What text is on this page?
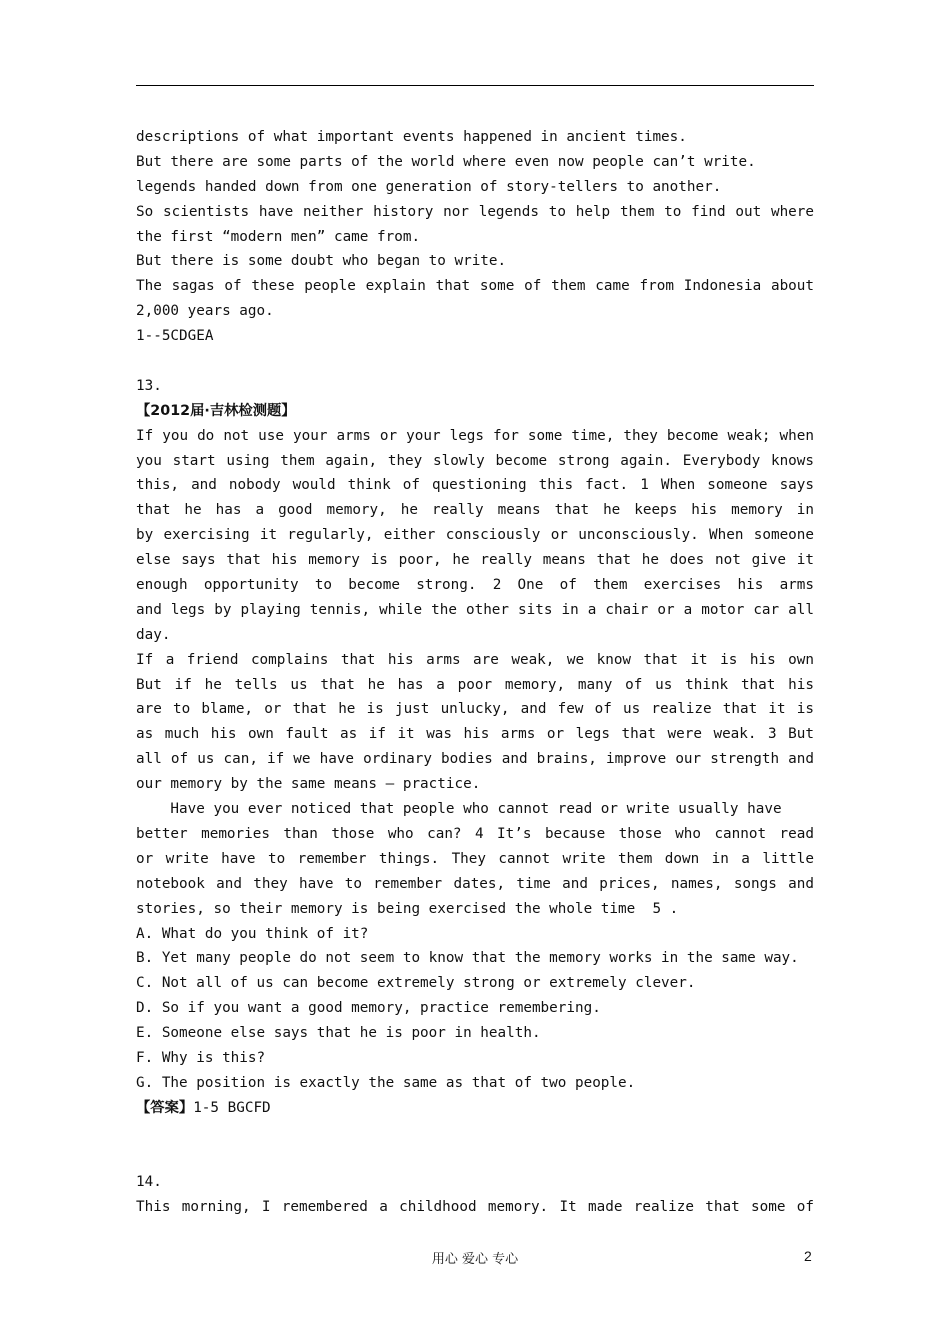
descriptions of what important events happened in ancient times.
But there are some parts of the world where even now people can’t write.
legends handed down from one generation of story-tellers to another.
So scientists have neither history nor legends to help them to find out where
the first “modern men” came from.
But there is some doubt who began to write.
The sagas of these people explain that some of them came from Indonesia about
2,000 years ago.
1--5CDGEA
13.
【2012届·吉林检测题】
If you do not use your arms or your legs for some time, they become weak; when
you start using them again, they slowly become strong again. Everybody knows
this, and nobody would think of questioning this fact. 1 When someone says
that he has a good memory, he really means that he keeps his memory in
by exercising it regularly, either consciously or unconsciously. When someone
else says that his memory is poor, he really means that he does not give it
enough opportunity to become strong. 2 One of them exercises his arms
and legs by playing tennis, while the other sits in a chair or a motor car all
day.
If a friend complains that his arms are weak, we know that it is his own
But if he tells us that he has a poor memory, many of us think that his
are to blame, or that he is just unlucky, and few of us realize that it is
as much his own fault as if it was his arms or legs that were weak. 3 But
all of us can, if we have ordinary bodies and brains, improve our strength and
our memory by the same means — practice.
Have you ever noticed that people who cannot read or write usually have
better memories than those who can? 4 It’s because those who cannot read
or write have to remember things. They cannot write them down in a little
notebook and they have to remember dates, time and prices, names, songs and
stories, so their memory is being exercised the whole time  5 .
A. What do you think of it?
B. Yet many people do not seem to know that the memory works in the same way.
C. Not all of us can become extremely strong or extremely clever.
D. So if you want a good memory, practice remembering.
E. Someone else says that he is poor in health.
F. Why is this?
G. The position is exactly the same as that of two people.
【答案】1-5 BGCFD
14.
This morning, I remembered a childhood memory. It made realize that some of
用心 爱心 专心	2
